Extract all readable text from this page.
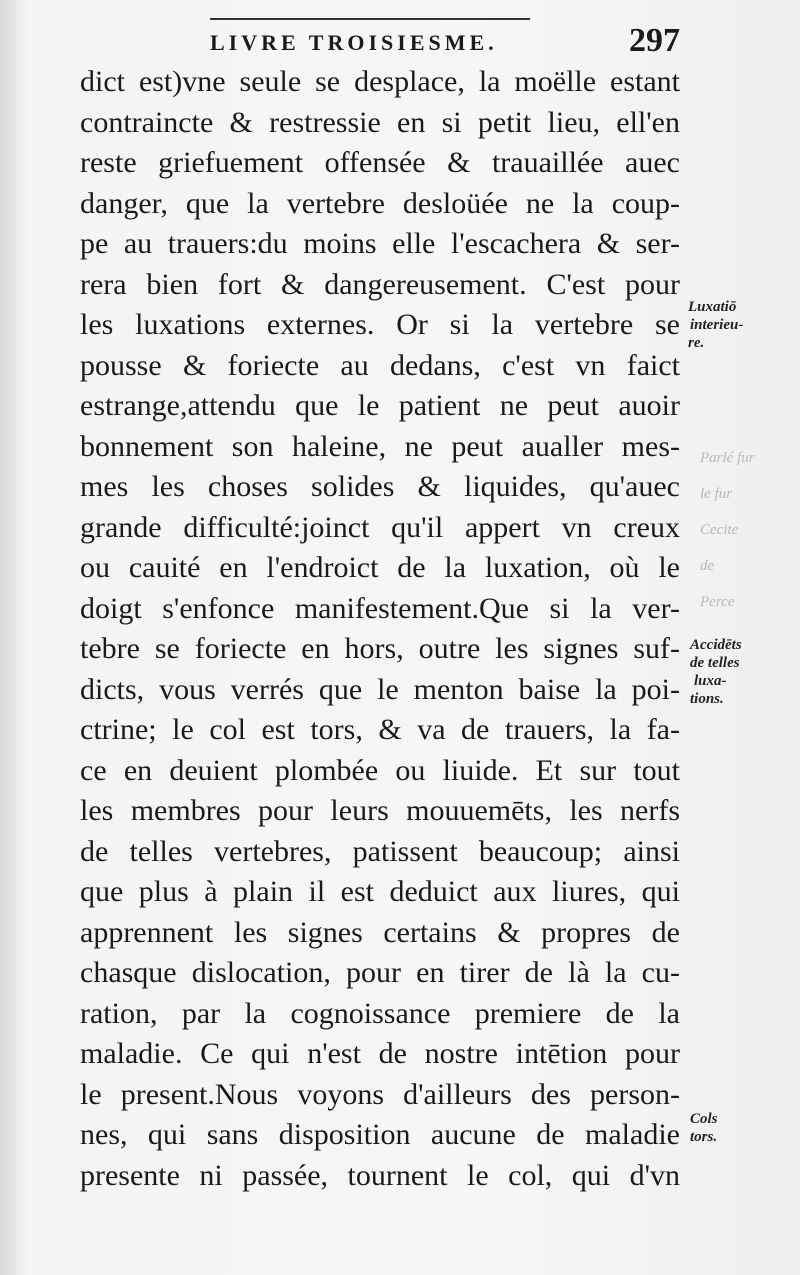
Parlé fur
le fur
Cecite
de
Perce
LIVRE TROISIESME.	297
dict est)vne seule se desplace, la moëlle estant
contraincte & restressie en si petit lieu, ell'en
reste griefuement offensée & trauaillée auec
danger, que la vertebre desloüée ne la coup-
pe au trauers:du moins elle l'escachera & ser-
rera bien fort & dangereusement. C'est pour
les luxations externes. Or si la vertebre se
pousse & foriecte au dedans, c'est vn faict
estrange,attendu que le patient ne peut auoir
bonnement son haleine, ne peut aualler mes-
mes les choses solides & liquides, qu'auec
grande difficulté:joinct qu'il appert vn creux
ou cauité en l'endroict de la luxation, où le
doigt s'enfonce manifestement.Que si la ver-
tebre se foriecte en hors, outre les signes suf-
dicts, vous verrés que le menton baise la poi-
ctrine; le col est tors, & va de trauers, la fa-
ce en deuient plombée ou liuide. Et sur tout
les membres pour leurs mouuemēts, les nerfs
de telles vertebres, patissent beaucoup; ainsi
que plus à plain il est deduict aux liures, qui
apprennent les signes certains & propres de
chasque dislocation, pour en tirer de là la cu-
ration, par la cognoissance premiere de la
maladie. Ce qui n'est de nostre intētion pour
le present.Nous voyons d'ailleurs des person-
nes, qui sans disposition aucune de maladie
presente ni passée, tournent le col, qui d'vn
Luxatiō
interieu-
re.
Accidēts
de telles
luxa-
tions.
Cols
tors.
